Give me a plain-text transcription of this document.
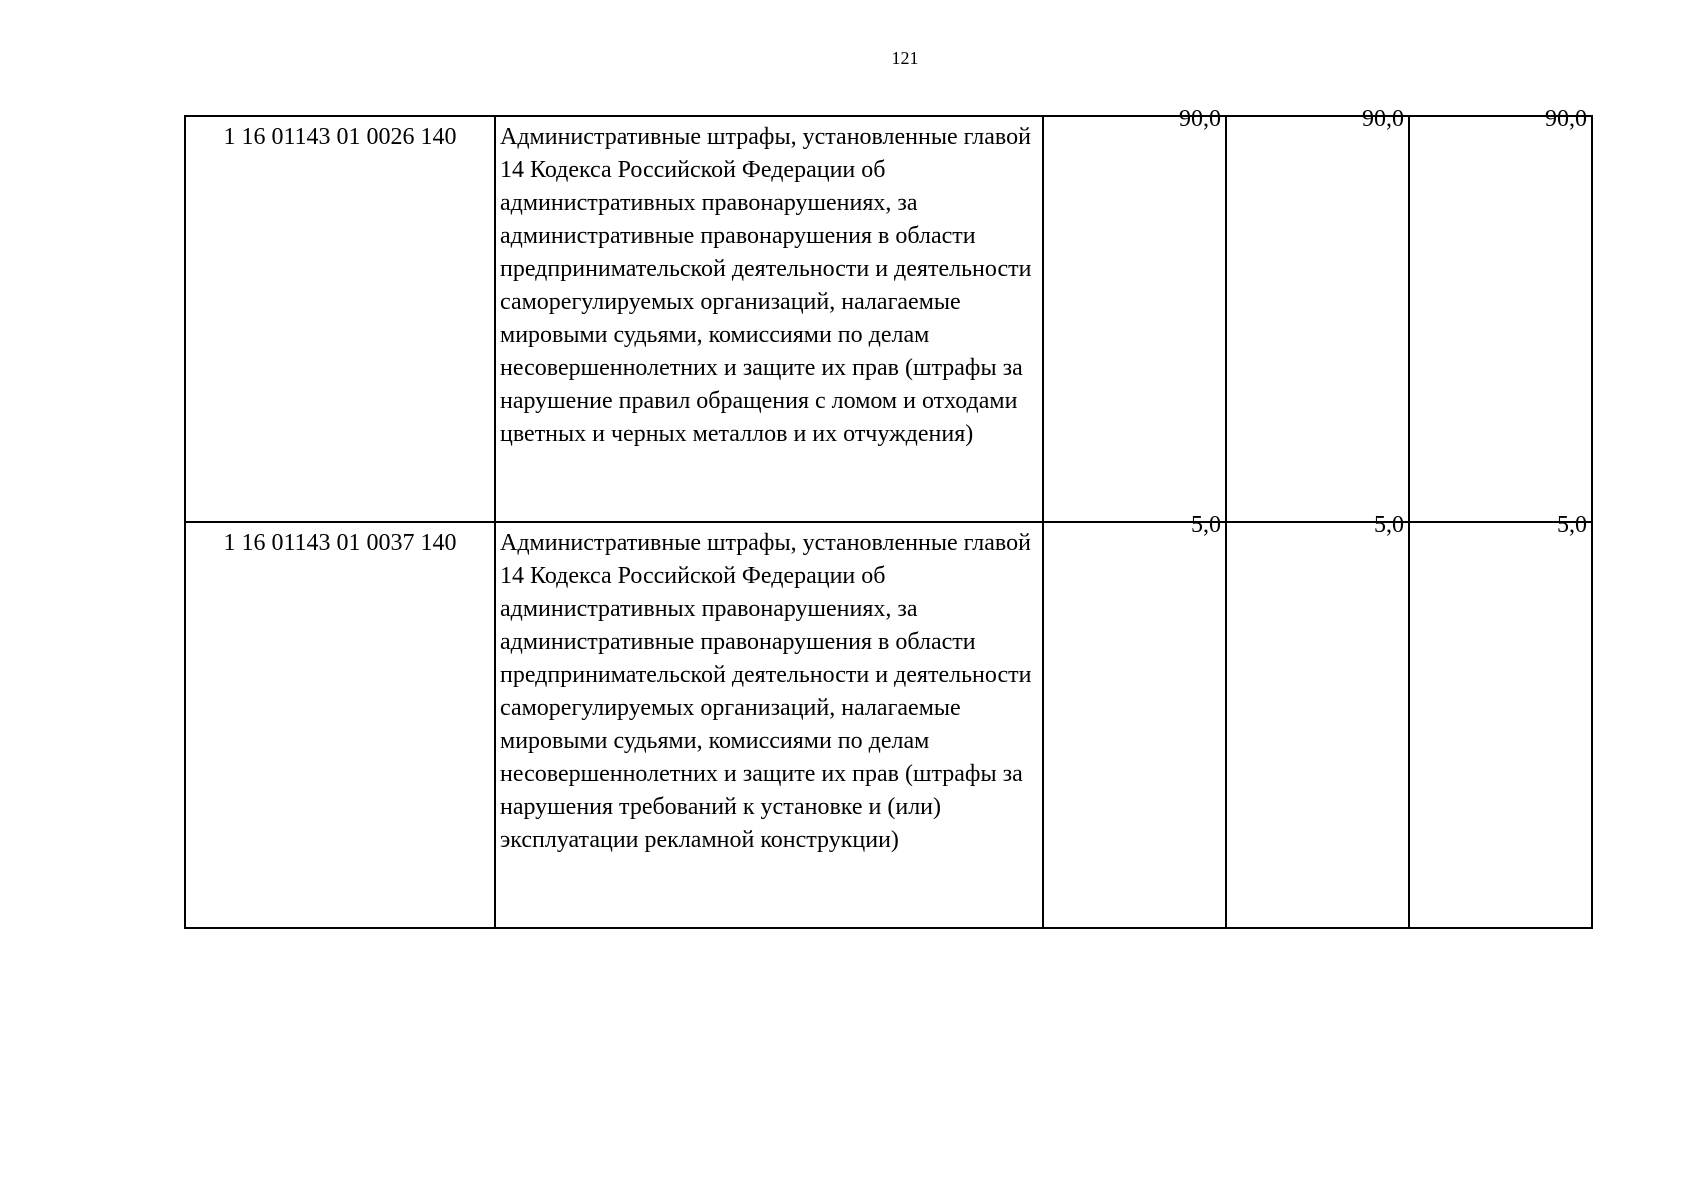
121
1 16 01143 01 0026 140	Административные штрафы, установленные главой 14 Кодекса Российской Федерации об административных правонарушениях, за административные правонарушения в области предпринимательской деятельности и деятельности саморегулируемых организаций, налагаемые мировыми судьями, комиссиями по делам несовершеннолетних и защите их прав (штрафы за нарушение правил обращения с ломом и отходами цветных и черных металлов и их отчуждения)	90,0	90,0	90,0
1 16 01143 01 0037 140	Административные штрафы, установленные главой 14 Кодекса Российской Федерации об административных правонарушениях, за административные правонарушения в области предпринимательской деятельности и деятельности саморегулируемых организаций, налагаемые мировыми судьями, комиссиями по делам несовершеннолетних и защите их прав (штрафы за нарушения требований к установке и (или) эксплуатации рекламной конструкции)	5,0	5,0	5,0
